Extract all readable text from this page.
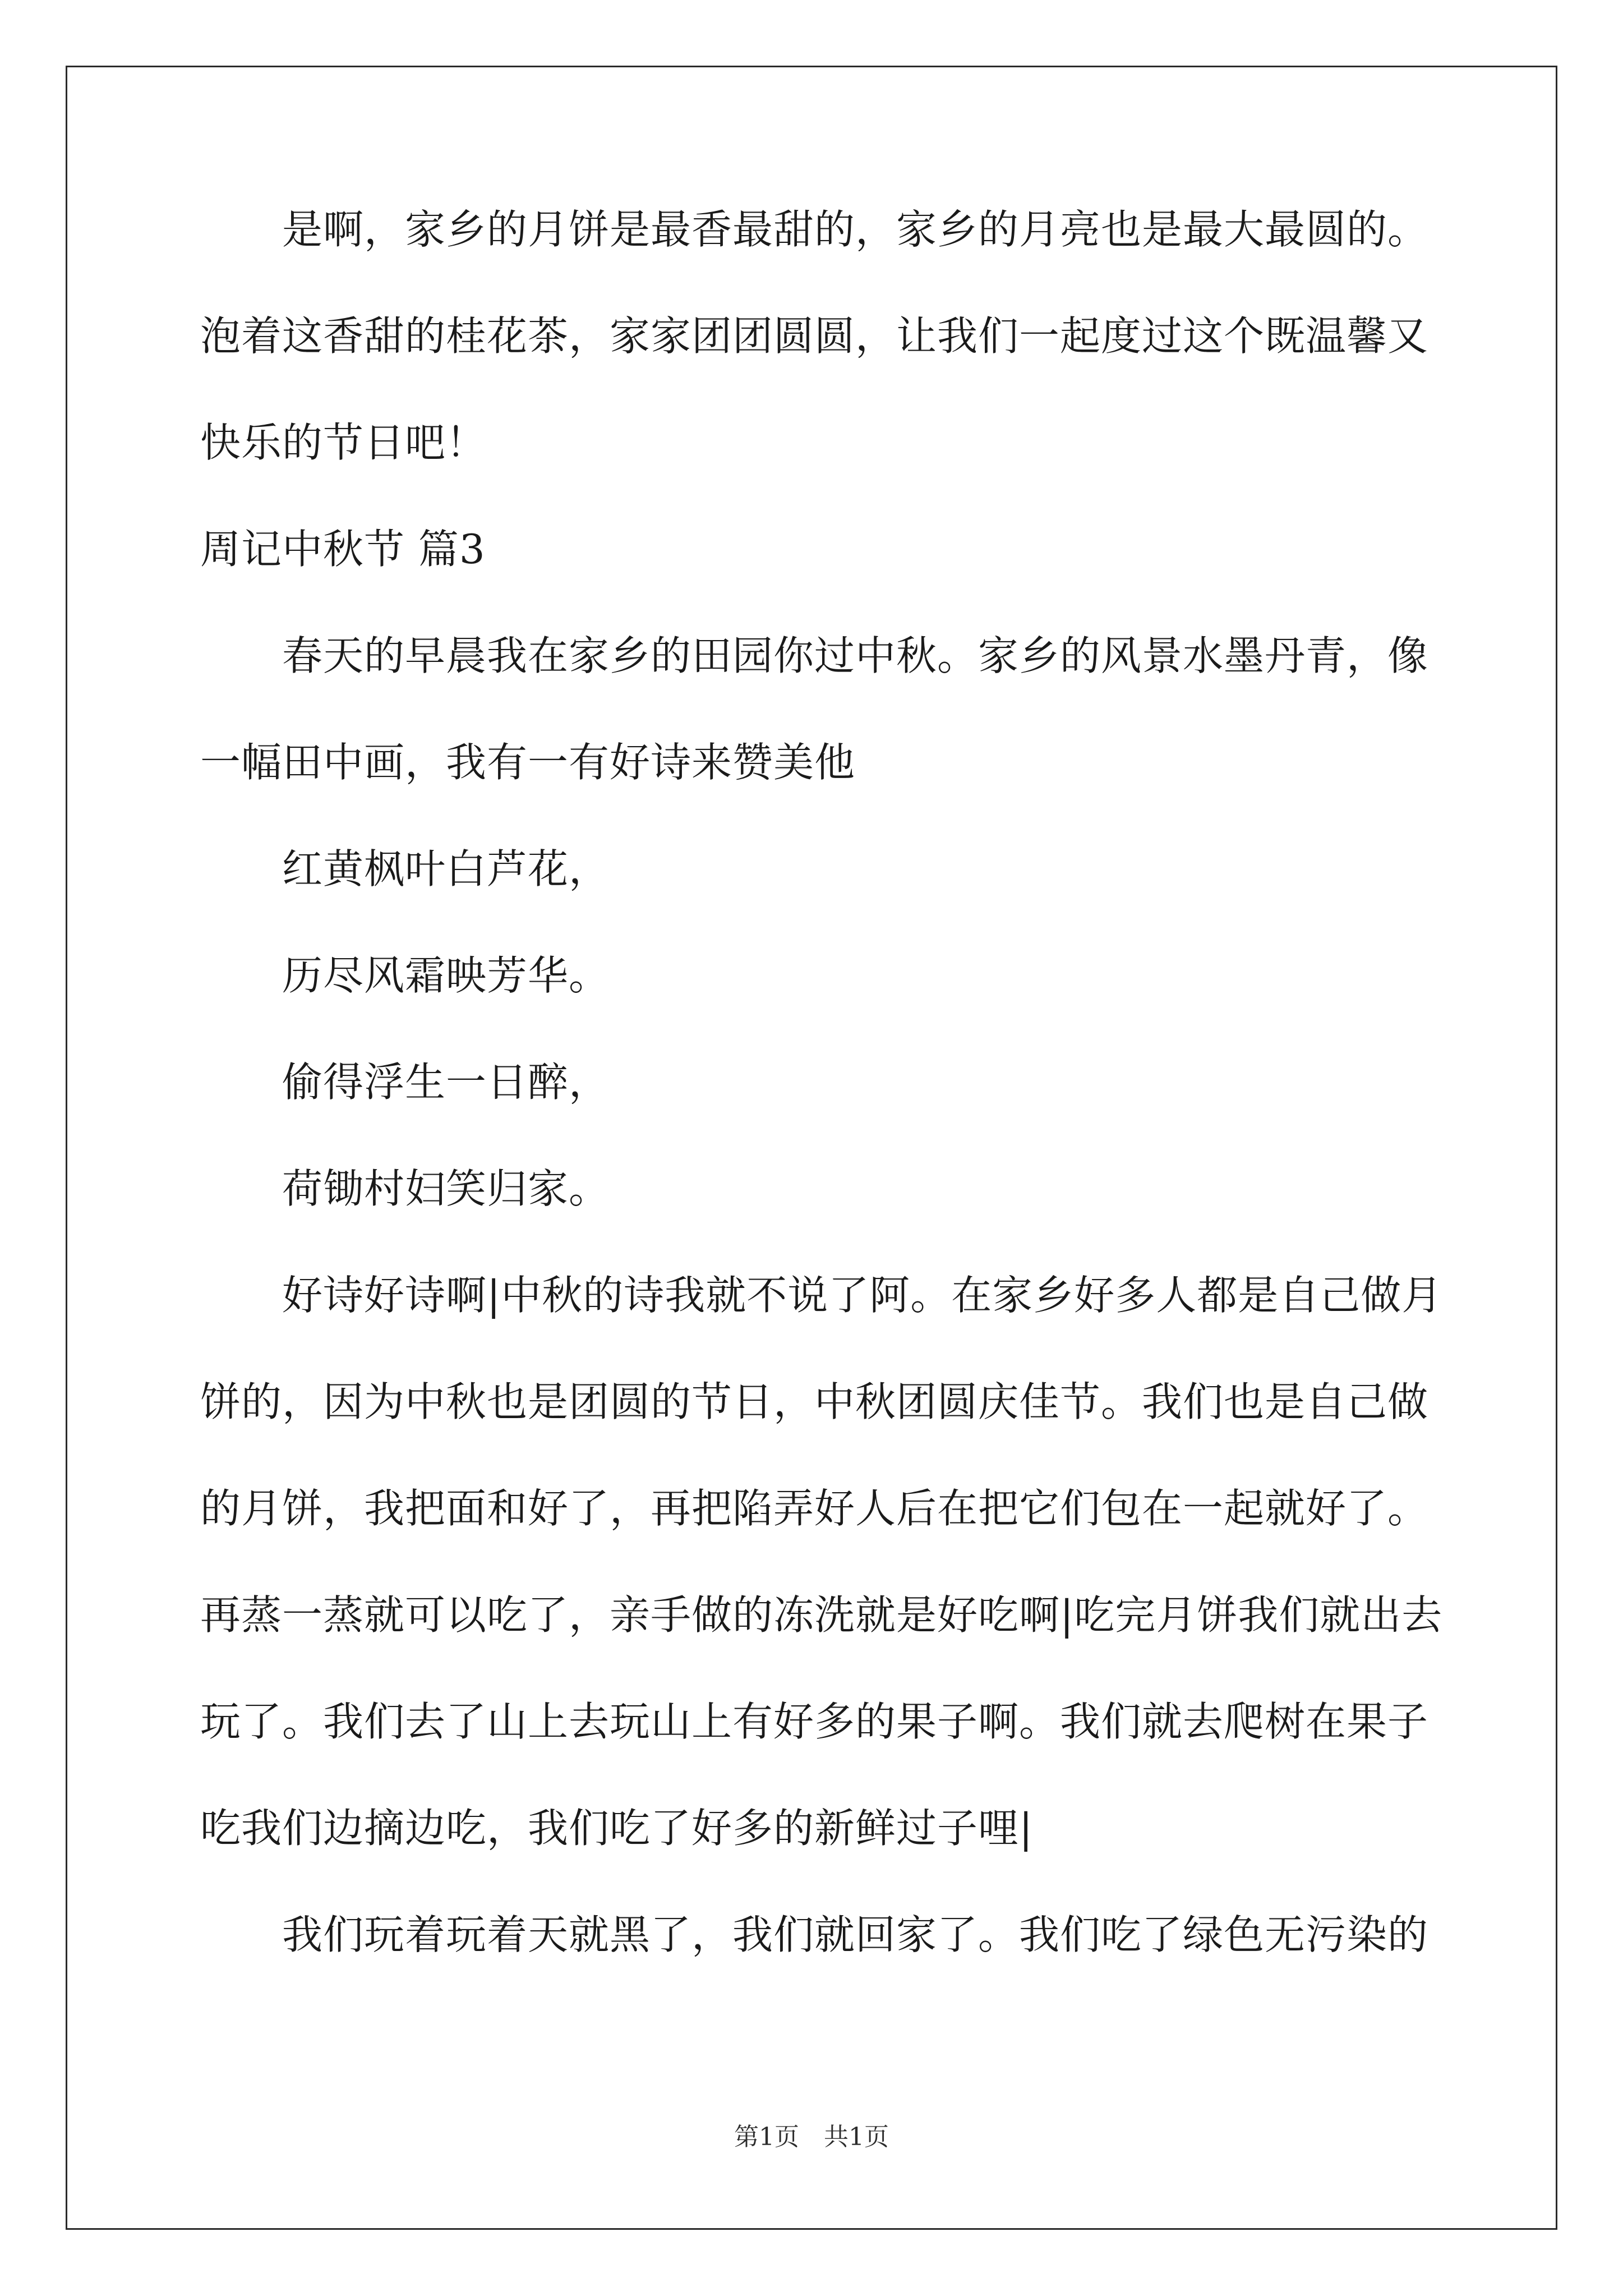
　　是啊，家乡的月饼是最香最甜的，家乡的月亮也是最大最圆的。
泡着这香甜的桂花茶，家家团团圆圆，让我们一起度过这个既温馨又
快乐的节日吧！
周记中秋节 篇3
　　春天的早晨我在家乡的田园你过中秋。家乡的风景水墨丹青，像
一幅田中画，我有一有好诗来赞美他
　　红黄枫叶白芦花，
　　历尽风霜映芳华。
　　偷得浮生一日醉，
　　荷锄村妇笑归家。
　　好诗好诗啊|中秋的诗我就不说了阿。在家乡好多人都是自己做月
饼的，因为中秋也是团圆的节日，中秋团圆庆佳节。我们也是自己做
的月饼，我把面和好了，再把陷弄好人后在把它们包在一起就好了。
再蒸一蒸就可以吃了，亲手做的冻洗就是好吃啊|吃完月饼我们就出去
玩了。我们去了山上去玩山上有好多的果子啊。我们就去爬树在果子
吃我们边摘边吃，我们吃了好多的新鲜过子哩|
　　我们玩着玩着天就黑了，我们就回家了。我们吃了绿色无污染的
第1页　共1页
